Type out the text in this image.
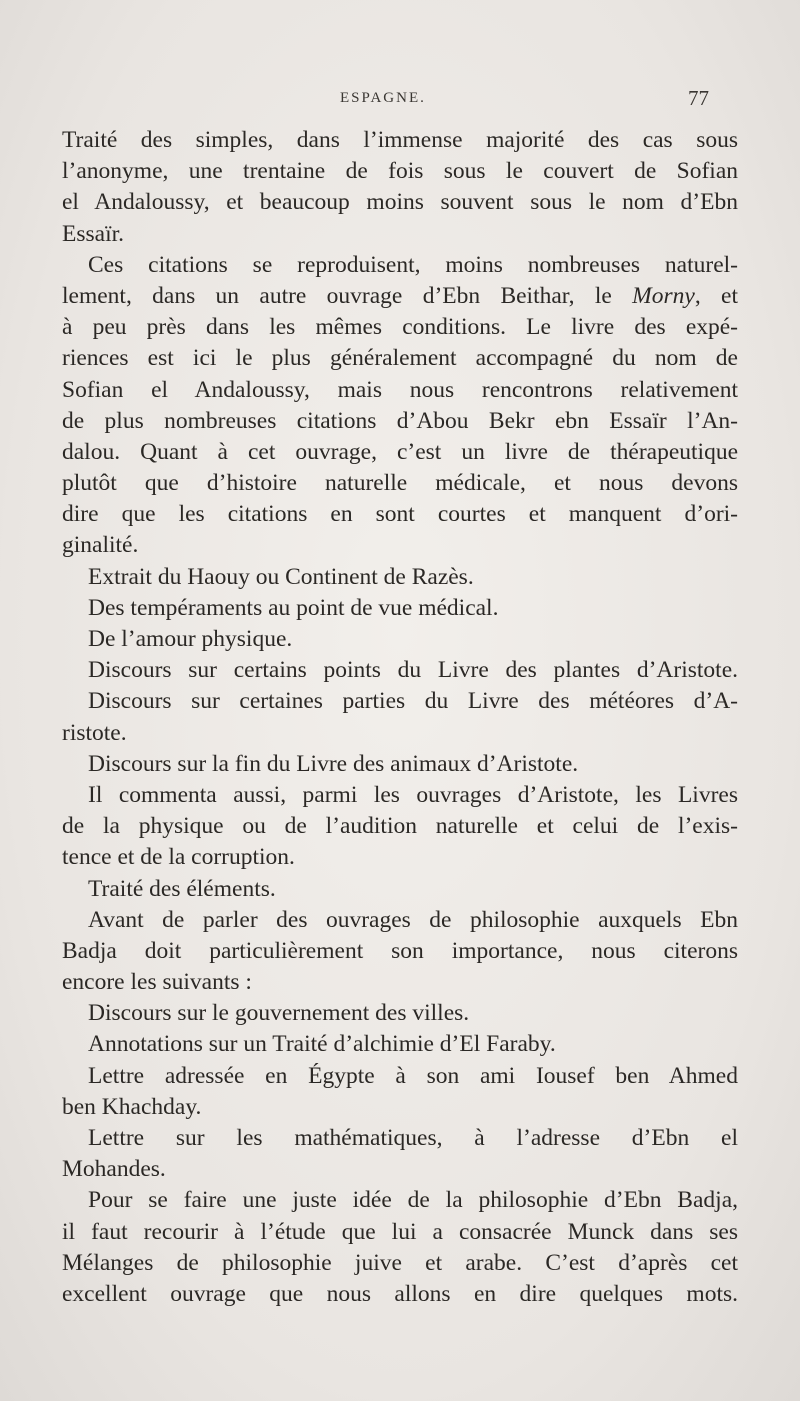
ESPAGNE.	77
Traité des simples, dans l’immense majorité des cas sous
l’anonyme, une trentaine de fois sous le couvert de Sofian
el Andaloussy, et beaucoup moins souvent sous le nom d’Ebn
Essaïr.
Ces citations se reproduisent, moins nombreuses naturel-
lement, dans un autre ouvrage d’Ebn Beithar, le Morny, et
à peu près dans les mêmes conditions. Le livre des expé-
riences est ici le plus généralement accompagné du nom de
Sofian el Andaloussy, mais nous rencontrons relativement
de plus nombreuses citations d’Abou Bekr ebn Essaïr l’An-
dalou. Quant à cet ouvrage, c’est un livre de thérapeutique
plutôt que d’histoire naturelle médicale, et nous devons
dire que les citations en sont courtes et manquent d’ori-
ginalité.
Extrait du Haouy ou Continent de Razès.
Des tempéraments au point de vue médical.
De l’amour physique.
Discours sur certains points du Livre des plantes d’Aristote.
Discours sur certaines parties du Livre des météores d’A-
ristote.
Discours sur la fin du Livre des animaux d’Aristote.
Il commenta aussi, parmi les ouvrages d’Aristote, les Livres
de la physique ou de l’audition naturelle et celui de l’exis-
tence et de la corruption.
Traité des éléments.
Avant de parler des ouvrages de philosophie auxquels Ebn
Badja doit particulièrement son importance, nous citerons
encore les suivants :
Discours sur le gouvernement des villes.
Annotations sur un Traité d’alchimie d’El Faraby.
Lettre adressée en Égypte à son ami Iousef ben Ahmed
ben Khachday.
Lettre sur les mathématiques, à l’adresse d’Ebn el
Mohandes.
Pour se faire une juste idée de la philosophie d’Ebn Badja,
il faut recourir à l’étude que lui a consacrée Munck dans ses
Mélanges de philosophie juive et arabe. C’est d’après cet
excellent ouvrage que nous allons en dire quelques mots.
